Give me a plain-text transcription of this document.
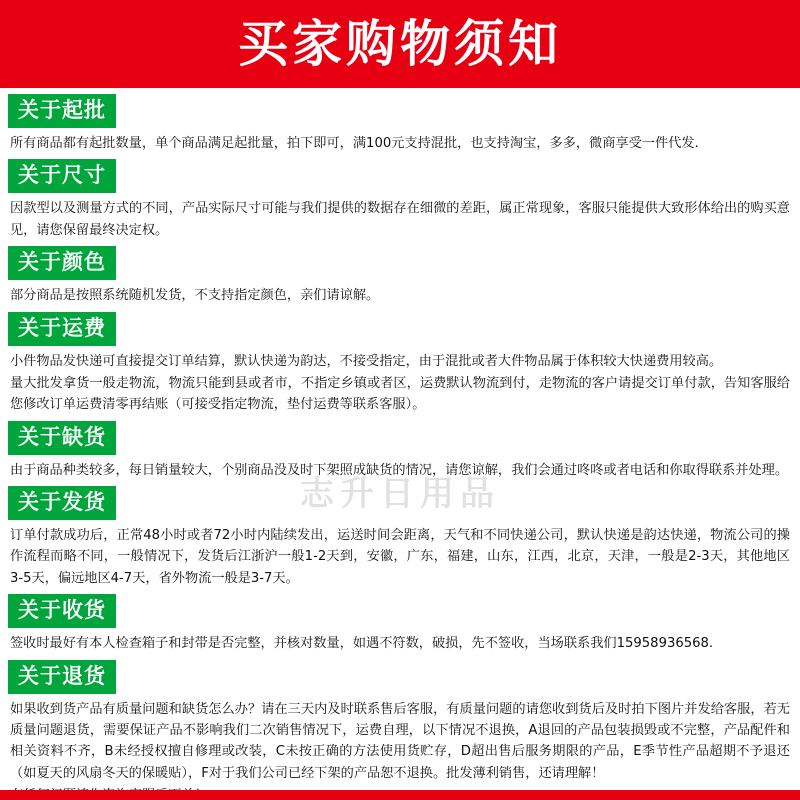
买家购物须知
志升日用品
关于起批

所有商品都有起批数量，单个商品满足起批量，拍下即可，满100元支持混批，也支持淘宝，多多，微商享受一件代发.

关于尺寸

因款型以及测量方式的不同，产品实际尺寸可能与我们提供的数据存在细微的差距，属正常现象，客服只能提供大致形体给出的购买意见，请您保留最终决定权。

关于颜色

部分商品是按照系统随机发货，不支持指定颜色，亲们请谅解。

关于运费

小件物品发快递可直接提交订单结算，默认快递为韵达，不接受指定，由于混批或者大件物品属于体积较大快递费用较高。

量大批发拿货一般走物流，物流只能到县或者市，不指定乡镇或者区，运费默认物流到付，走物流的客户请提交订单付款，告知客服给您修改订单运费清零再结账（可接受指定物流，垫付运费等联系客服）。

关于缺货

由于商品种类较多，每日销量较大，个别商品没及时下架照成缺货的情况，请您谅解，我们会通过咚咚或者电话和你取得联系并处理。

关于发货

订单付款成功后，正常48小时或者72小时内陆续发出，运送时间会距离，天气和不同快递公司，默认快递是韵达快递，物流公司的操作流程而略不同，一般情况下，发货后江浙沪一般1-2天到，安徽，广东，福建，山东，江西，北京，天津，一般是2-3天，其他地区3-5天，偏远地区4-7天，省外物流一般是3-7天。

关于收货

签收时最好有本人检查箱子和封带是否完整，并核对数量，如遇不符数，破损，先不签收，当场联系我们15958936568.

关于退货

如果收到货产品有质量问题和缺货怎么办？请在三天内及时联系售后客服，有质量问题的请您收到货后及时拍下图片并发给客服，若无质量问题退货，需要保证产品不影响我们二次销售情况下，运费自理，以下情况不退换，A退回的产品包装损毁或不完整，产品配件和相关资料不齐，B未经授权擅自修理或改装，C未按正确的方法使用货贮存，D超出售后服务期限的产品，E季节性产品超期不予退还（如夏天的风扇冬天的保暖贴），F对于我们公司已经下架的产品恕不退换。批发薄利销售，还请理解！
